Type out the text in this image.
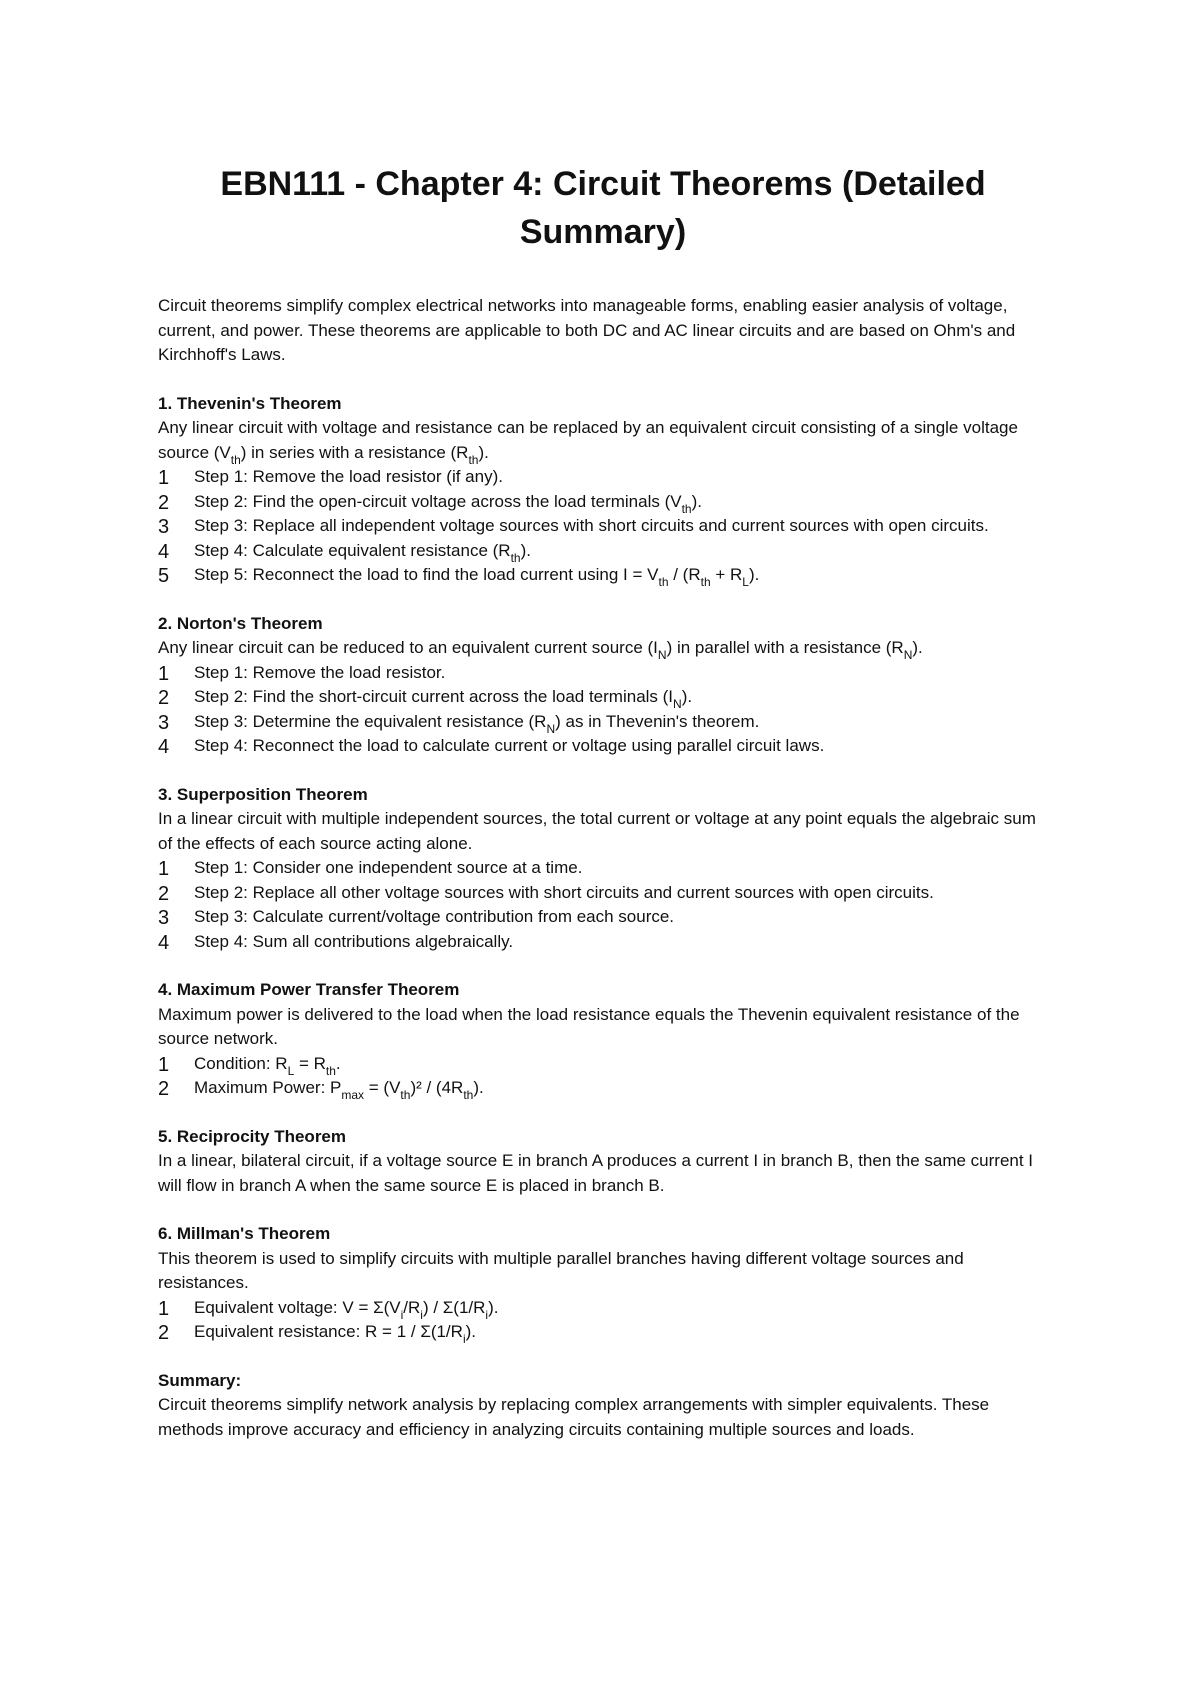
EBN111 - Chapter 4: Circuit Theorems (Detailed Summary)

Circuit theorems simplify complex electrical networks into manageable forms, enabling easier analysis of voltage, current, and power. These theorems are applicable to both DC and AC linear circuits and are based on Ohm's and Kirchhoff's Laws.

1. Thevenin's Theorem

Any linear circuit with voltage and resistance can be replaced by an equivalent circuit consisting of a single voltage source $(V_{th})$ in series with a resistance $(R_{th})$.

1 Step 1: Remove the load resistor (if any).
2 Step 2: Find the open-circuit voltage across the load terminals $(V_{th})$.
3 Step 3: Replace all independent voltage sources with short circuits and current sources with open circuits.
4 Step 4: Calculate equivalent resistance $(R_{th})$.
5 Step 5: Reconnect the load to find the load current using $I = V_{th} / (R_{th} + R_L)$.
2. Norton's Theorem

Any linear circuit can be reduced to an equivalent current source $(I_N)$ in parallel with a resistance $(R_N)$.

1 Step 1: Remove the load resistor.
2 Step 2: Find the short-circuit current across the load terminals $(I_N)$.
3 Step 3: Determine the equivalent resistance $(R_N)$ as in Thevenin's theorem.
4 Step 4: Reconnect the load to calculate current or voltage using parallel circuit laws.
3. Superposition Theorem

In a linear circuit with multiple independent sources, the total current or voltage at any point equals the algebraic sum of the effects of each source acting alone.

1 Step 1: Consider one independent source at a time.
2 Step 2: Replace all other voltage sources with short circuits and current sources with open circuits.
3 Step 3: Calculate current/voltage contribution from each source.
4 Step 4: Sum all contributions algebraically.
4. Maximum Power Transfer Theorem

Maximum power is delivered to the load when the load resistance equals the Thevenin equivalent resistance of the source network.

1 Condition: $R_L = R_{th}$.
2 Maximum Power: $P_{max} = (V_{th})^2 / (4R_{th})$.
5. Reciprocity Theorem

In a linear, bilateral circuit, if a voltage source E in branch A produces a current I in branch B, then the same current I will flow in branch A when the same source E is placed in branch B.

6. Millman's Theorem

This theorem is used to simplify circuits with multiple parallel branches having different voltage sources and resistances.

1 Equivalent voltage: $V = \Sigma(V_i/R_i) / \Sigma(1/R_i)$.
2 Equivalent resistance: $R = 1 / \Sigma(1/R_i)$.
Summary:

Circuit theorems simplify network analysis by replacing complex arrangements with simpler equivalents. These methods improve accuracy and efficiency in analyzing circuits containing multiple sources and loads.
